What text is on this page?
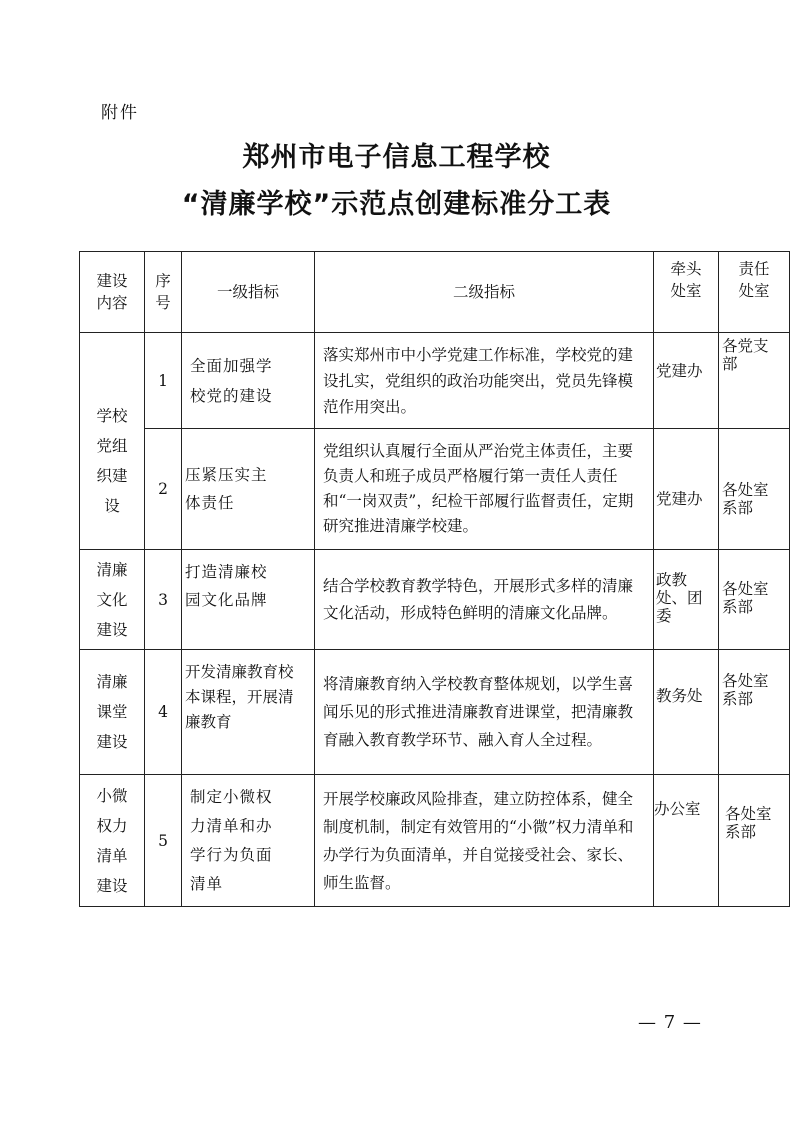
附件
郑州市电子信息工程学校
“清廉学校”示范点创建标准分工表
建设内容	序号	一级指标	二级指标	牵头处室	责任处室
学校党组织建设	1	全面加强学校党的建设	落实郑州市中小学党建工作标准，学校党的建设扎实，党组织的政治功能突出，党员先锋模范作用突出。	党建办	各党支部
	2	压紧压实主体责任	党组织认真履行全面从严治党主体责任，主要负责人和班子成员严格履行第一责任人责任和“一岗双责”，纪检干部履行监督责任，定期研究推进清廉学校建。	党建办	各处室系部
清廉文化建设	3	打造清廉校园文化品牌	结合学校教育教学特色，开展形式多样的清廉文化活动，形成特色鲜明的清廉文化品牌。	政教处、团委	各处室系部
清廉课堂建设	4	开发清廉教育校本课程，开展清廉教育	将清廉教育纳入学校教育整体规划，以学生喜闻乐见的形式推进清廉教育进课堂，把清廉教育融入教育教学环节、融入育人全过程。	教务处	各处室系部
小微权力清单建设	5	制定小微权力清单和办学行为负面清单	开展学校廉政风险排查，建立防控体系，健全制度机制，制定有效管用的“小微”权力清单和办学行为负面清单，并自觉接受社会、家长、师生监督。	办公室	各处室系部
— 7 —
